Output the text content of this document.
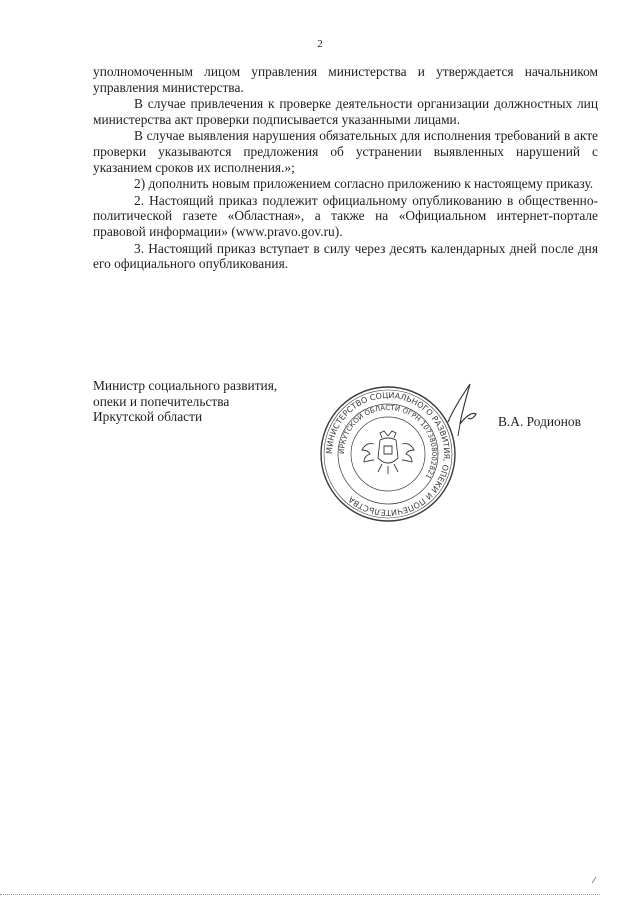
2

уполномоченным лицом управления министерства и утверждается начальником управления министерства.

В случае привлечения к проверке деятельности организации должностных лиц министерства акт проверки подписывается указанными лицами.

В случае выявления нарушения обязательных для исполнения требований в акте проверки указываются предложения об устранении выявленных нарушений с указанием сроков их исполнения.»;

2) дополнить новым приложением согласно приложению к настоящему приказу.

2. Настоящий приказ подлежит официальному опубликованию в общественно-политической газете «Областная», а также на «Официальном интернет-портале правовой информации» (www.pravo.gov.ru).

3. Настоящий приказ вступает в силу через десять календарных дней после дня его официального опубликования.

Министр социального развития,
опеки и попечительства
Иркутской области
МИНИСТЕРСТВО СОЦИАЛЬНОГО РАЗВИТИЯ, ОПЕКИ И ПОПЕЧИТЕЛЬСТВА
ИРКУТСКОЙ ОБЛАСТИ ОГРН 1073808002821
В.А. Родионов
